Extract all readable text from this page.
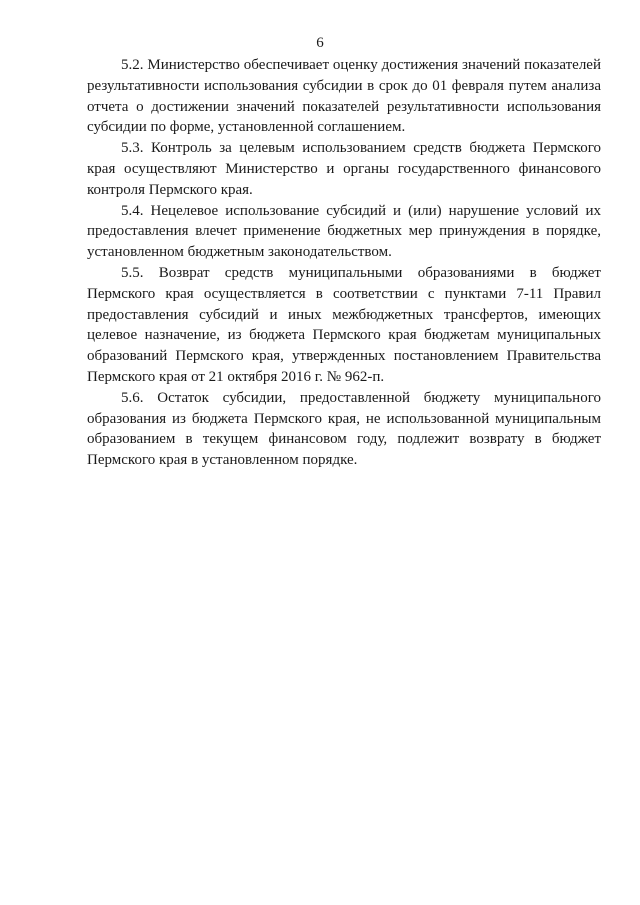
6

5.2. Министерство обеспечивает оценку достижения значений показателей результативности использования субсидии в срок до 01 февраля путем анализа отчета о достижении значений показателей результативности использования субсидии по форме, установленной соглашением.

5.3. Контроль за целевым использованием средств бюджета Пермского края осуществляют Министерство и органы государственного финансового контроля Пермского края.

5.4. Нецелевое использование субсидий и (или) нарушение условий их предоставления влечет применение бюджетных мер принуждения в порядке, установленном бюджетным законодательством.

5.5. Возврат средств муниципальными образованиями в бюджет Пермского края осуществляется в соответствии с пунктами 7-11 Правил предоставления субсидий и иных межбюджетных трансфертов, имеющих целевое назначение, из бюджета Пермского края бюджетам муниципальных образований Пермского края, утвержденных постановлением Правительства Пермского края от 21 октября 2016 г. № 962-п.

5.6. Остаток субсидии, предоставленной бюджету муниципального образования из бюджета Пермского края, не использованной муниципальным образованием в текущем финансовом году, подлежит возврату в бюджет Пермского края в установленном порядке.
